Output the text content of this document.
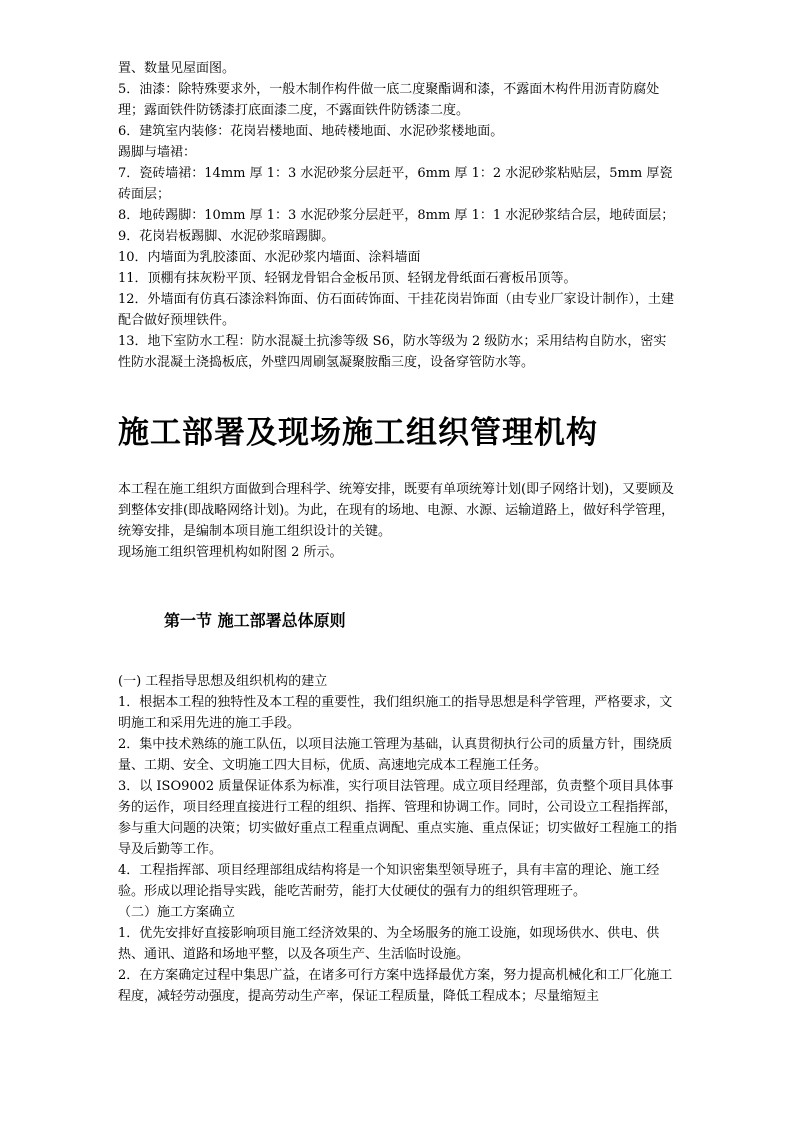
置、数量见屋面图。

5．油漆：除特殊要求外，一般木制作构件做一底二度聚酯调和漆，不露面木构件用沥青防腐处理；露面铁件防锈漆打底面漆二度，不露面铁件防锈漆二度。

6．建筑室内装修：花岗岩楼地面、地砖楼地面、水泥砂浆楼地面。

踢脚与墙裙：

7．瓷砖墙裙：14mm 厚 1：3 水泥砂浆分层赶平，6mm 厚 1：2 水泥砂浆粘贴层，5mm 厚瓷砖面层；

8．地砖踢脚：10mm 厚 1：3 水泥砂浆分层赶平，8mm 厚 1：1 水泥砂浆结合层，地砖面层；

9．花岗岩板踢脚、水泥砂浆暗踢脚。

10．内墙面为乳胶漆面、水泥砂浆内墙面、涂料墙面

11．顶棚有抹灰粉平顶、轻钢龙骨铝合金板吊顶、轻钢龙骨纸面石膏板吊顶等。

12．外墙面有仿真石漆涂料饰面、仿石面砖饰面、干挂花岗岩饰面（由专业厂家设计制作），土建配合做好预埋铁件。

13．地下室防水工程：防水混凝土抗渗等级 S6，防水等级为 2 级防水；采用结构自防水，密实性防水混凝土浇捣板底，外壁四周刷氢凝聚胺酯三度，设备穿管防水等。

施工部署及现场施工组织管理机构

本工程在施工组织方面做到合理科学、统筹安排，既要有单项统筹计划(即子网络计划)，又要顾及到整体安排(即战略网络计划)。为此，在现有的场地、电源、水源、运输道路上，做好科学管理，统筹安排，是编制本项目施工组织设计的关键。

现场施工组织管理机构如附图 2 所示。

第一节 施工部署总体原则

(一) 工程指导思想及组织机构的建立

1．根据本工程的独特性及本工程的重要性，我们组织施工的指导思想是科学管理，严格要求，文明施工和采用先进的施工手段。

2．集中技术熟练的施工队伍，以项目法施工管理为基础，认真贯彻执行公司的质量方针，围绕质量、工期、安全、文明施工四大目标，优质、高速地完成本工程施工任务。

3．以 ISO9002 质量保证体系为标准，实行项目法管理。成立项目经理部，负责整个项目具体事务的运作，项目经理直接进行工程的组织、指挥、管理和协调工作。同时，公司设立工程指挥部，参与重大问题的决策；切实做好重点工程重点调配、重点实施、重点保证；切实做好工程施工的指导及后勤等工作。

4．工程指挥部、项目经理部组成结构将是一个知识密集型领导班子，具有丰富的理论、施工经验。形成以理论指导实践，能吃苦耐劳，能打大仗硬仗的强有力的组织管理班子。

（二）施工方案确立

1．优先安排好直接影响项目施工经济效果的、为全场服务的施工设施，如现场供水、供电、供热、通讯、道路和场地平整，以及各项生产、生活临时设施。

2．在方案确定过程中集思广益，在诸多可行方案中选择最优方案，努力提高机械化和工厂化施工程度，减轻劳动强度，提高劳动生产率，保证工程质量，降低工程成本；尽量缩短主
